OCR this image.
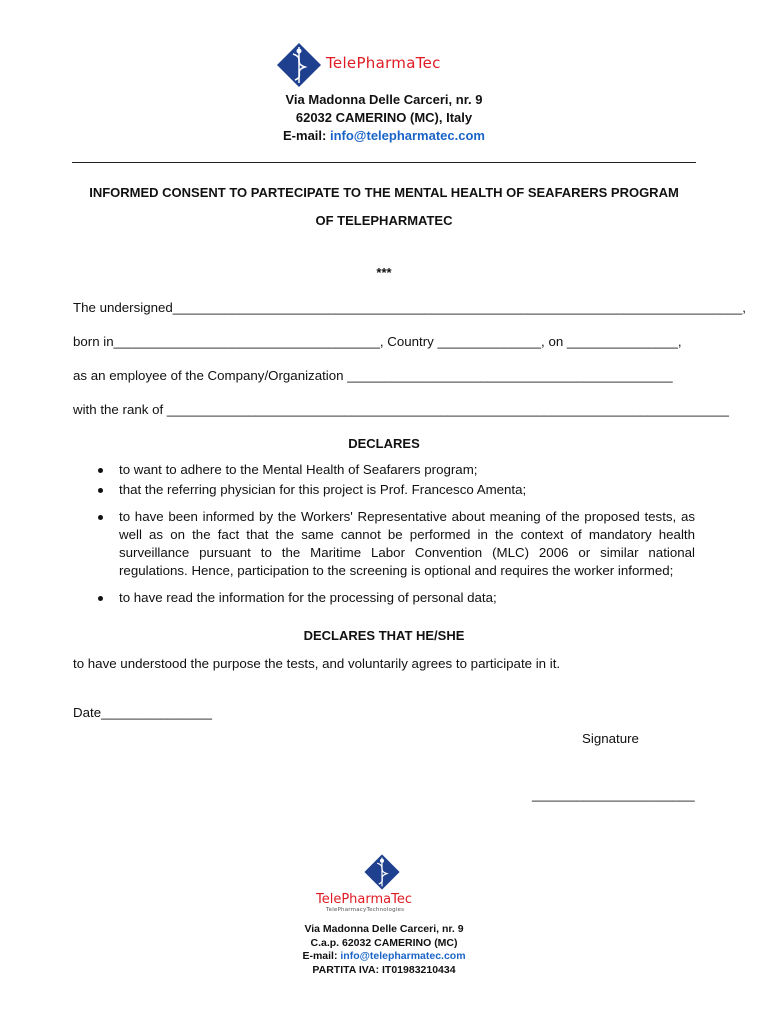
TelePharmaTec
Via Madonna Delle Carceri, nr. 9
62032 CAMERINO (MC), Italy
E-mail: info@telepharmatec.com
INFORMED CONSENT TO PARTECIPATE TO THE MENTAL HEALTH OF SEAFARERS PROGRAM
OF TELEPHARMATEC
***
The undersigned_____________________________________________________________________________,
born in____________________________________, Country ______________, on _______________,
as an employee of the Company/Organization ____________________________________________
with the rank of ____________________________________________________________________________
DECLARES
to want to adhere to the Mental Health of Seafarers program;
that the referring physician for this project is Prof. Francesco Amenta;
to have been informed by the Workers' Representative about meaning of the proposed tests, as well as on the fact that the same cannot be performed in the context of mandatory health surveillance pursuant to the Maritime Labor Convention (MLC) 2006 or similar national regulations. Hence, participation to the screening is optional and requires the worker informed;
to have read the information for the processing of personal data;
DECLARES THAT HE/SHE
to have understood the purpose the tests, and voluntarily agrees to participate in it.
Date_______________
Signature
______________________
TelePharmaTec
TelePharmacyTechnologies
Via Madonna Delle Carceri, nr. 9
C.a.p. 62032 CAMERINO (MC)
E-mail: info@telepharmatec.com
PARTITA IVA: IT01983210434
